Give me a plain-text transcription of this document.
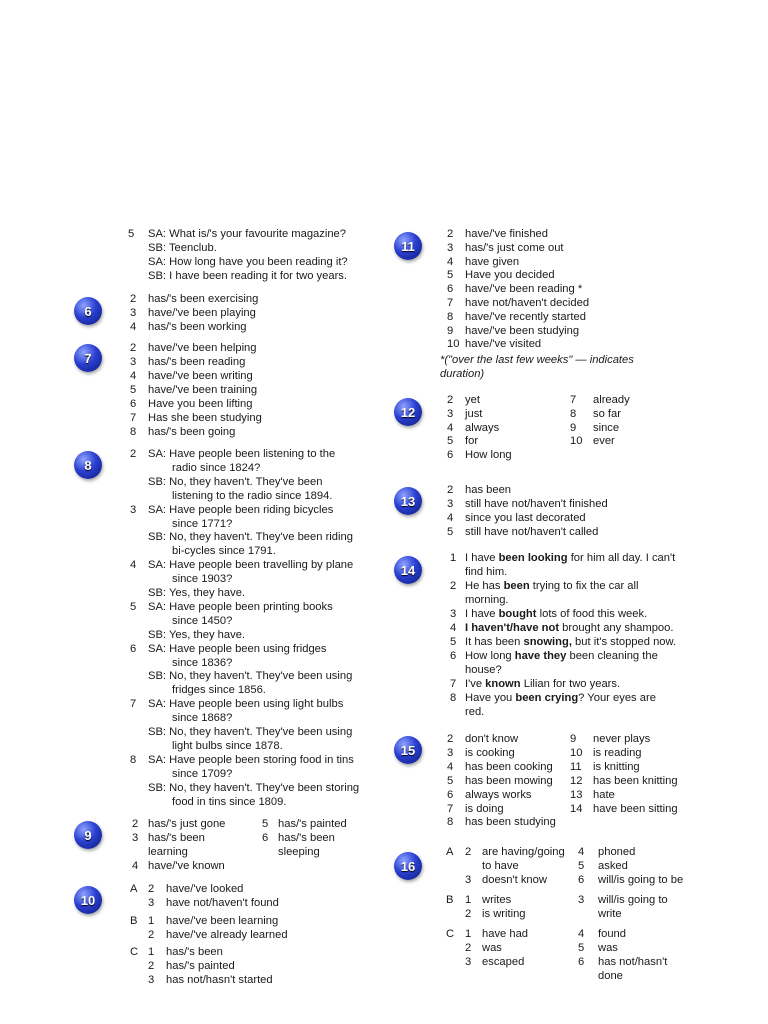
5 SA: What is/'s your favourite magazine?
SB: Teenclub.
SA: How long have you been reading it?
SB: I have been reading it for two years.
6
2 has/'s been exercising
3 have/'ve been playing
4 has/'s been working
7
2 have/'ve been helping
3 has/'s been reading
4 have/'ve been writing
5 have/'ve been training
6 Have you been lifting
7 Has she been studying
8 has/'s been going
8
2 SA: Have people been listening to the
radio since 1824?
SB: No, they haven't. They've been
listening to the radio since 1894.
3 SA: Have people been riding bicycles
since 1771?
SB: No, they haven't. They've been riding
bi-cycles since 1791.
4 SA: Have people been travelling by plane
since 1903?
SB: Yes, they have.
5 SA: Have people been printing books
since 1450?
SB: Yes, they have.
6 SA: Have people been using fridges
since 1836?
SB: No, they haven't. They've been using
fridges since 1856.
7 SA: Have people been using light bulbs
since 1868?
SB: No, they haven't. They've been using
light bulbs since 1878.
8 SA: Have people been storing food in tins
since 1709?
SB: No, they haven't. They've been storing
food in tins since 1809.
9
2 has/'s just gone
3 has/'s been
learning
4 have/'ve known
5 has/'s painted
6 has/'s been
sleeping
10
A 2 have/'ve looked
3 have not/haven't found
B 1 have/'ve been learning
2 have/'ve already learned
C 1 has/'s been
2 has/'s painted
3 has not/hasn't started
11
2 have/'ve finished
3 has/'s just come out
4 have given
5 Have you decided
6 have/'ve been reading *
7 have not/haven't decided
8 have/'ve recently started
9 have/'ve been studying
10 have/'ve visited
*("over the last few weeks" — indicates
duration)
12
2 yet
3 just
4 always
5 for
6 How long
7 already
8 so far
9 since
10 ever
13
2 has been
3 still have not/haven't finished
4 since you last decorated
5 still have not/haven't called
14
1 I have been looking for him all day. I can't
find him.
2 He has been trying to fix the car all
morning.
3 I have bought lots of food this week.
4 I haven't/have not brought any shampoo.
5 It has been snowing, but it's stopped now.
6 How long have they been cleaning the
house?
7 I've known Lilian for two years.
8 Have you been crying? Your eyes are
red.
15
2 don't know
3 is cooking
4 has been cooking
5 has been mowing
6 always works
7 is doing
8 has been studying
9 never plays
10 is reading
11 is knitting
12 has been knitting
13 hate
14 have been sitting
16
A 2 are having/going
to have
3 doesn't know
4 phoned
5 asked
6 will/is going to be
B 1 writes
2 is writing
3 will/is going to
write
C 1 have had
2 was
3 escaped
4 found
5 was
6 has not/hasn't
done
